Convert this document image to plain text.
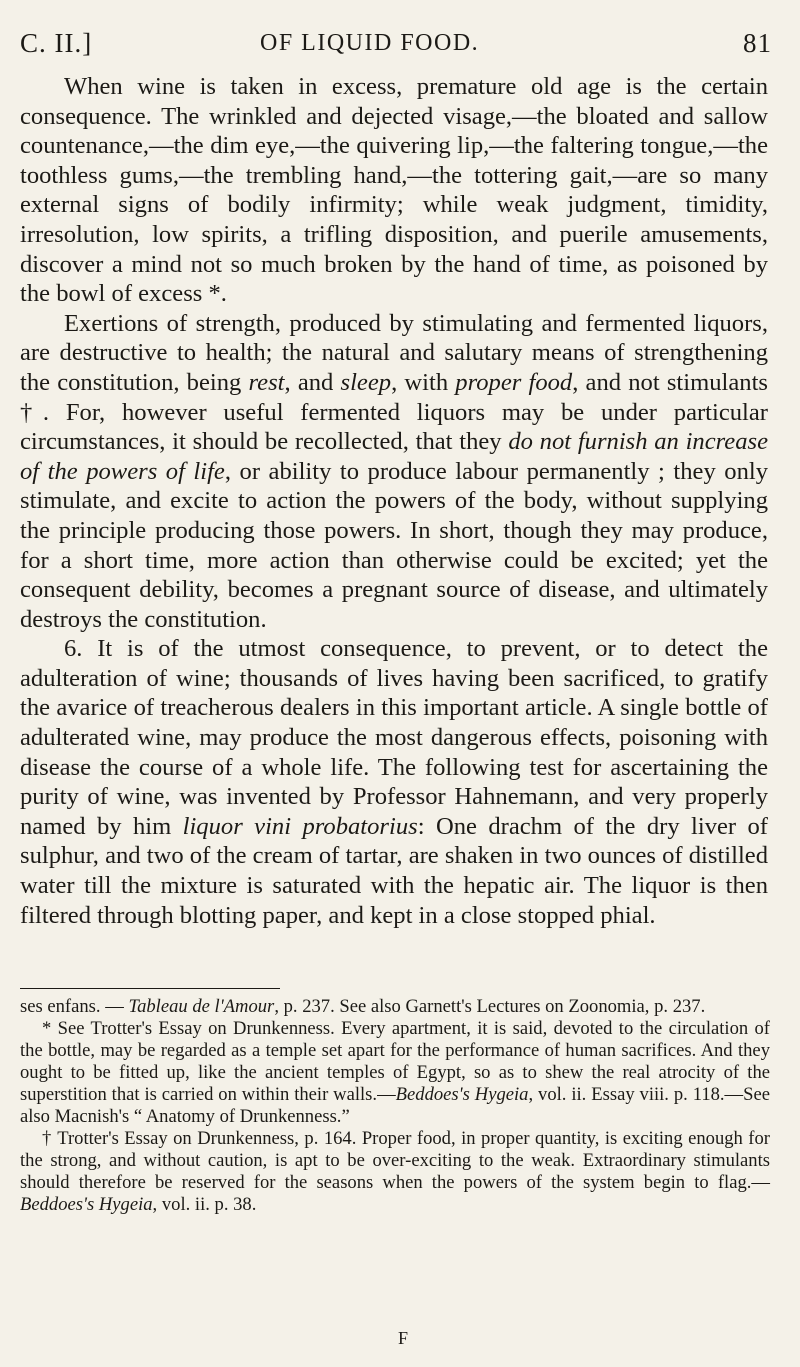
C. II.]	OF LIQUID FOOD.	81

When wine is taken in excess, premature old age is the certain consequence. The wrinkled and dejected visage,—the bloated and sallow countenance,—the dim eye,—the quivering lip,—the faltering tongue,—the toothless gums,—the trembling hand,—the tottering gait,—are so many external signs of bodily infirmity; while weak judgment, timidity, irresolution, low spirits, a trifling disposition, and puerile amusements, discover a mind not so much broken by the hand of time, as poisoned by the bowl of excess *.

Exertions of strength, produced by stimulating and fermented liquors, are destructive to health; the natural and salutary means of strengthening the constitution, being rest, and sleep, with proper food, and not stimulants †. For, however useful fermented liquors may be under particular circumstances, it should be recollected, that they do not furnish an increase of the powers of life, or ability to produce labour permanently ; they only stimulate, and excite to action the powers of the body, without supplying the principle producing those powers. In short, though they may produce, for a short time, more action than otherwise could be excited; yet the consequent debility, becomes a pregnant source of disease, and ultimately destroys the constitution.

6. It is of the utmost consequence, to prevent, or to detect the adulteration of wine; thousands of lives having been sacrificed, to gratify the avarice of treacherous dealers in this important article. A single bottle of adulterated wine, may produce the most dangerous effects, poisoning with disease the course of a whole life. The following test for ascertaining the purity of wine, was invented by Professor Hahnemann, and very properly named by him liquor vini probatorius: One drachm of the dry liver of sulphur, and two of the cream of tartar, are shaken in two ounces of distilled water till the mixture is saturated with the hepatic air. The liquor is then filtered through blotting paper, and kept in a close stopped phial.

ses enfans. — Tableau de l'Amour, p. 237. See also Garnett's Lectures on Zoonomia, p. 237.

* See Trotter's Essay on Drunkenness. Every apartment, it is said, devoted to the circulation of the bottle, may be regarded as a temple set apart for the performance of human sacrifices. And they ought to be fitted up, like the ancient temples of Egypt, so as to shew the real atrocity of the superstition that is carried on within their walls.—Beddoes's Hygeia, vol. ii. Essay viii. p. 118.—See also Macnish's “ Anatomy of Drunkenness.”

† Trotter's Essay on Drunkenness, p. 164. Proper food, in proper quantity, is exciting enough for the strong, and without caution, is apt to be over-exciting to the weak. Extraordinary stimulants should therefore be reserved for the seasons when the powers of the system begin to flag.—Beddoes's Hygeia, vol. ii. p. 38.

F
